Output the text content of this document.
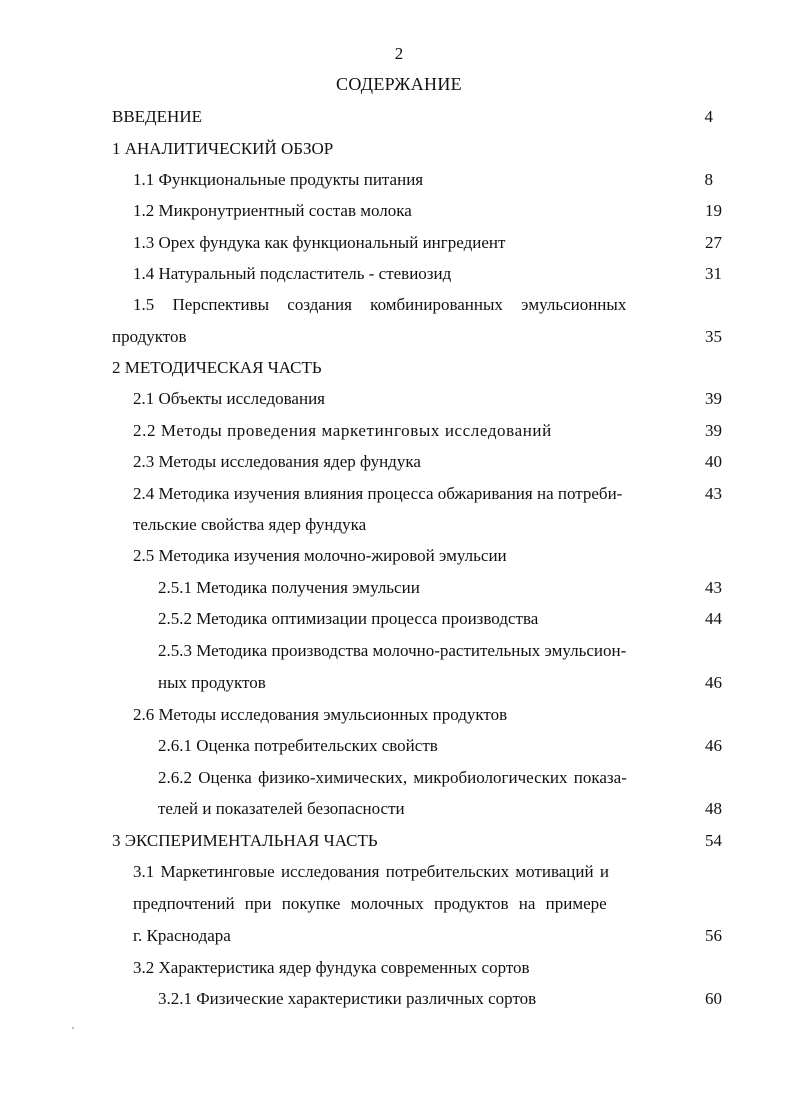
2
СОДЕРЖАНИЕ
ВВЕДЕНИЕ	4
1 АНАЛИТИЧЕСКИЙ ОБЗОР
1.1 Функциональные продукты питания	8
1.2 Микронутриентный состав молока	19
1.3 Орех фундука как функциональный ингредиент	27
1.4 Натуральный подсластитель - стевиозид	31
1.5 Перспективы создания комбинированных эмульсионных
продуктов	35
2 МЕТОДИЧЕСКАЯ ЧАСТЬ
2.1 Объекты исследования	39
2.2 Методы проведения маркетинговых исследований	39
2.3 Методы исследования ядер фундука	40
2.4 Методика изучения влияния процесса обжаривания на потреби-	43
тельские свойства ядер фундука
2.5 Методика изучения молочно-жировой эмульсии
2.5.1 Методика получения эмульсии	43
2.5.2 Методика оптимизации процесса производства	44
2.5.3 Методика производства молочно-растительных эмульсион-
ных продуктов	46
2.6 Методы исследования эмульсионных продуктов
2.6.1 Оценка потребительских свойств	46
2.6.2 Оценка физико-химических, микробиологических показа-
телей и показателей безопасности	48
3 ЭКСПЕРИМЕНТАЛЬНАЯ ЧАСТЬ	54
3.1 Маркетинговые исследования потребительских мотиваций и
предпочтений при покупке молочных продуктов на примере
г. Краснодара	56
3.2 Характеристика ядер фундука современных сортов
3.2.1 Физические характеристики различных сортов	60
